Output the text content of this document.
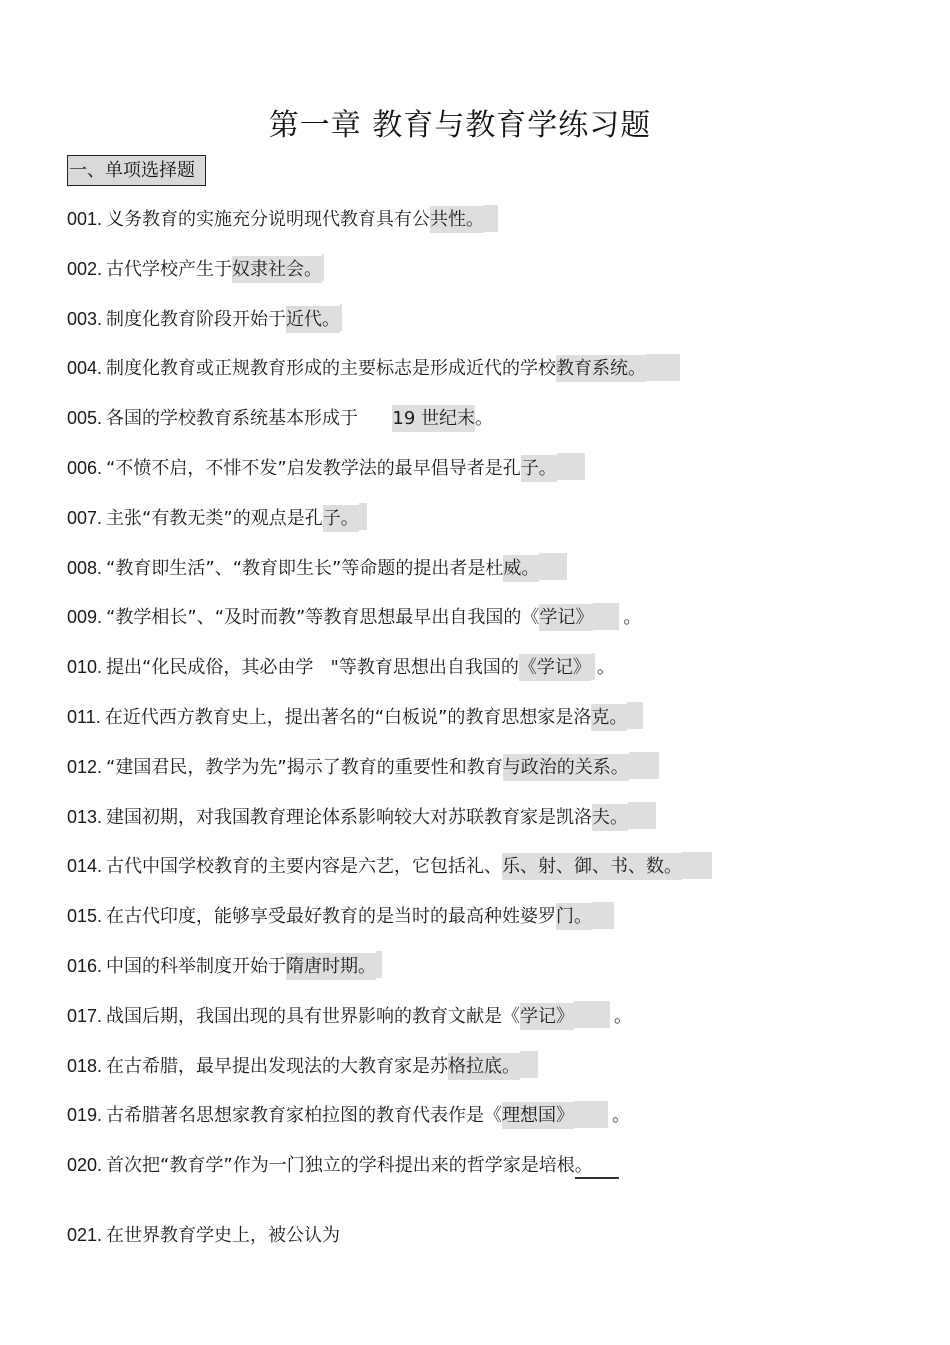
第一章 教育与教育学练习题
一、单项选择题
001. 义务教育的实施充分说明现代教育具有公共性。
002. 古代学校产生于奴隶社会。
003. 制度化教育阶段开始于近代。
004. 制度化教育或正规教育形成的主要标志是形成近代的学校教育系统。
005. 各国的学校教育系统基本形成于      19 世纪末。
006. “不愤不启，不悱不发”启发教学法的最早倡导者是孔子。
007. 主张“有教无类”的观点是孔子。
008. “教育即生活”、“教育即生长”等命题的提出者是杜威。
009. “教学相长”、“及时而教”等教育思想最早出自我国的《学记》 。
010. 提出“化民成俗，其必由学   "等教育思想出自我国的《学记》 。
011. 在近代西方教育史上，提出著名的“白板说”的教育思想家是洛克。
012. “建国君民，教学为先”揭示了教育的重要性和教育与政治的关系。
013. 建国初期，对我国教育理论体系影响较大对苏联教育家是凯洛夫。
014. 古代中国学校教育的主要内容是六艺，它包括礼、乐、射、御、书、数。
015. 在古代印度，能够享受最好教育的是当时的最高种姓婆罗门。
016. 中国的科举制度开始于隋唐时期。
017. 战国后期，我国出现的具有世界影响的教育文献是《学记》 。
018. 在古希腊，最早提出发现法的大教育家是苏格拉底。
019. 古希腊著名思想家教育家柏拉图的教育代表作是《理想国》 。
020. 首次把“教育学”作为一门独立的学科提出来的哲学家是培根。
021. 在世界教育学史上，被公认为
